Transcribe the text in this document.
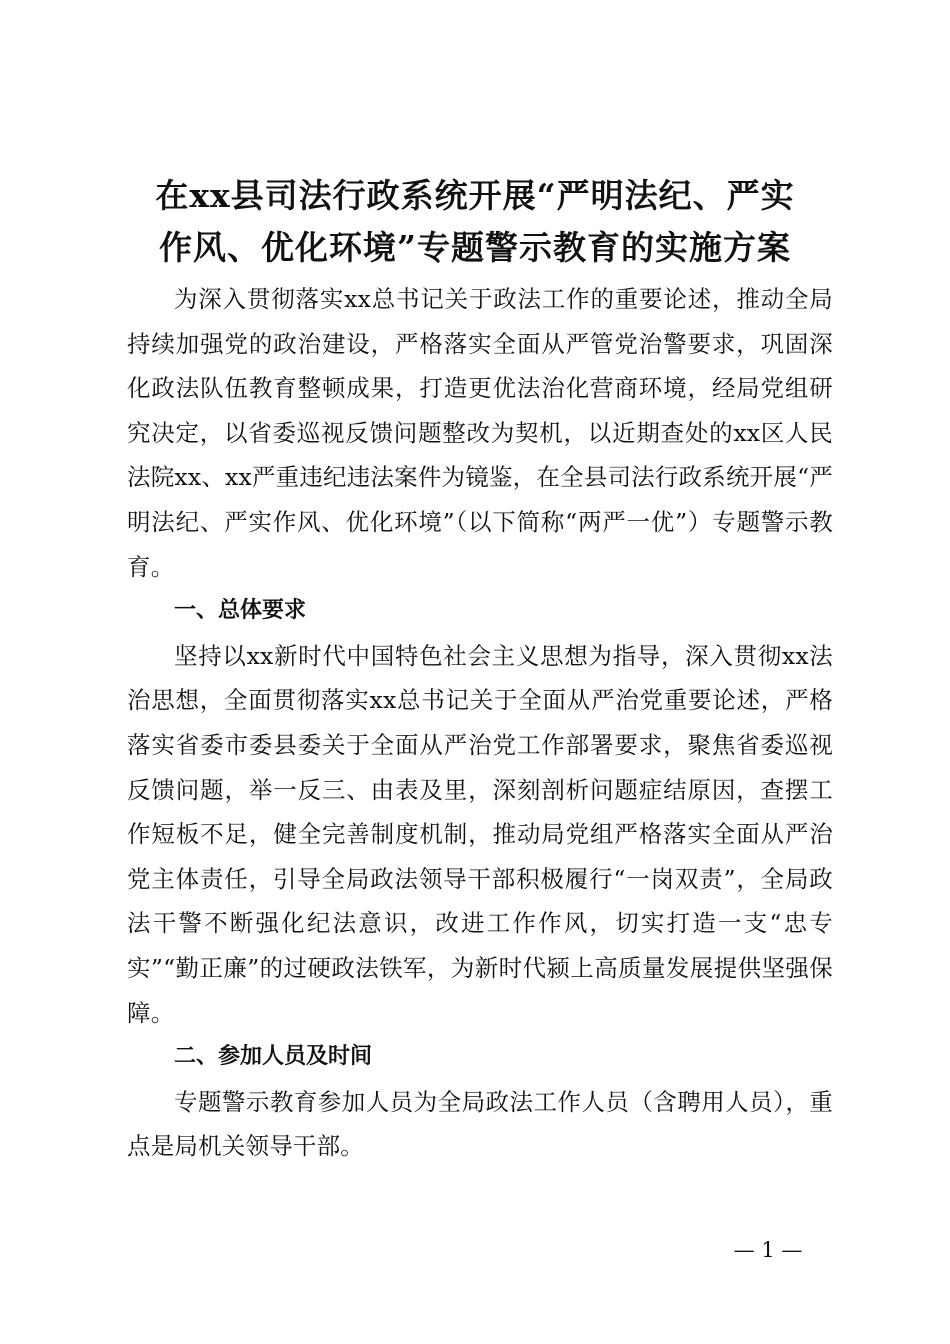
在xx县司法行政系统开展“严明法纪、严实
作风、优化环境”专题警示教育的实施方案

为深入贯彻落实xx总书记关于政法工作的重要论述，推动全局持续加强党的政治建设，严格落实全面从严管党治警要求，巩固深化政法队伍教育整顿成果，打造更优法治化营商环境，经局党组研究决定，以省委巡视反馈问题整改为契机，以近期查处的xx区人民法院xx、xx严重违纪违法案件为镜鉴，在全县司法行政系统开展“严明法纪、严实作风、优化环境”（以下简称“两严一优”）专题警示教育。

一、总体要求

坚持以xx新时代中国特色社会主义思想为指导，深入贯彻xx法治思想，全面贯彻落实xx总书记关于全面从严治党重要论述，严格落实省委市委县委关于全面从严治党工作部署要求，聚焦省委巡视反馈问题，举一反三、由表及里，深刻剖析问题症结原因，查摆工作短板不足，健全完善制度机制，推动局党组严格落实全面从严治党主体责任，引导全局政法领导干部积极履行“一岗双责”，全局政法干警不断强化纪法意识，改进工作作风，切实打造一支“忠专实”“勤正廉”的过硬政法铁军，为新时代颍上高质量发展提供坚强保障。

二、参加人员及时间

专题警示教育参加人员为全局政法工作人员（含聘用人员），重点是局机关领导干部。

— 1 —
